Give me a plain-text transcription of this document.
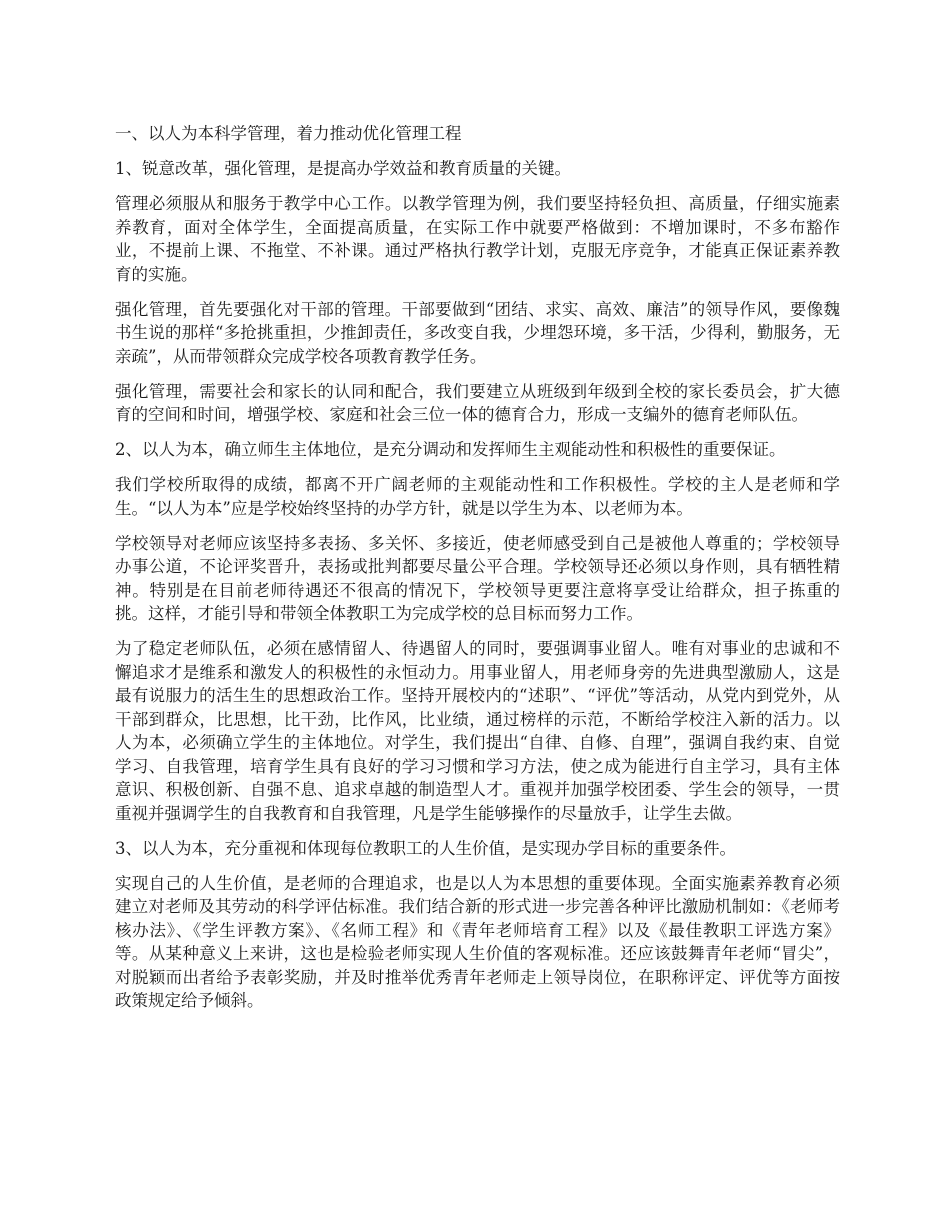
一、以人为本科学管理，着力推动优化管理工程

1、锐意改革，强化管理，是提高办学效益和教育质量的关键。

管理必须服从和服务于教学中心工作。以教学管理为例，我们要坚持轻负担、高质量，仔细实施素养教育，面对全体学生，全面提高质量，在实际工作中就要严格做到：不增加课时，不多布豁作业，不提前上课、不拖堂、不补课。通过严格执行教学计划，克服无序竞争，才能真正保证素养教育的实施。

强化管理，首先要强化对干部的管理。干部要做到“团结、求实、高效、廉洁”的领导作风，要像魏书生说的那样“多抢挑重担，少推卸责任，多改变自我，少埋怨环境，多干活，少得利，勤服务，无亲疏”，从而带领群众完成学校各项教育教学任务。

强化管理，需要社会和家长的认同和配合，我们要建立从班级到年级到全校的家长委员会，扩大德育的空间和时间，增强学校、家庭和社会三位一体的德育合力，形成一支编外的德育老师队伍。

2、以人为本，确立师生主体地位，是充分调动和发挥师生主观能动性和积极性的重要保证。

我们学校所取得的成绩，都离不开广阔老师的主观能动性和工作积极性。学校的主人是老师和学生。“以人为本”应是学校始终坚持的办学方针，就是以学生为本、以老师为本。

学校领导对老师应该坚持多表扬、多关怀、多接近，使老师感受到自己是被他人尊重的；学校领导办事公道，不论评奖晋升，表扬或批判都要尽量公平合理。学校领导还必须以身作则，具有牺牲精神。特别是在目前老师待遇还不很高的情况下，学校领导更要注意将享受让给群众，担子拣重的挑。这样，才能引导和带领全体教职工为完成学校的总目标而努力工作。

为了稳定老师队伍，必须在感情留人、待遇留人的同时，要强调事业留人。唯有对事业的忠诚和不懈追求才是维系和激发人的积极性的永恒动力。用事业留人，用老师身旁的先进典型激励人，这是最有说服力的活生生的思想政治工作。坚持开展校内的“述职”、“评优”等活动，从党内到党外，从干部到群众，比思想，比干劲，比作风，比业绩，通过榜样的示范，不断给学校注入新的活力。以人为本，必须确立学生的主体地位。对学生，我们提出“自律、自修、自理”，强调自我约束、自觉学习、自我管理，培育学生具有良好的学习习惯和学习方法，使之成为能进行自主学习，具有主体意识、积极创新、自强不息、追求卓越的制造型人才。重视并加强学校团委、学生会的领导，一贯重视并强调学生的自我教育和自我管理，凡是学生能够操作的尽量放手，让学生去做。

3、以人为本，充分重视和体现每位教职工的人生价值，是实现办学目标的重要条件。

实现自己的人生价值，是老师的合理追求，也是以人为本思想的重要体现。全面实施素养教育必须建立对老师及其劳动的科学评估标准。我们结合新的形式进一步完善各种评比激励机制如：《老师考核办法》、《学生评教方案》、《名师工程》和《青年老师培育工程》以及《最佳教职工评选方案》等。从某种意义上来讲，这也是检验老师实现人生价值的客观标准。还应该鼓舞青年老师“冒尖”，对脱颖而出者给予表彰奖励，并及时推举优秀青年老师走上领导岗位，在职称评定、评优等方面按政策规定给予倾斜。
